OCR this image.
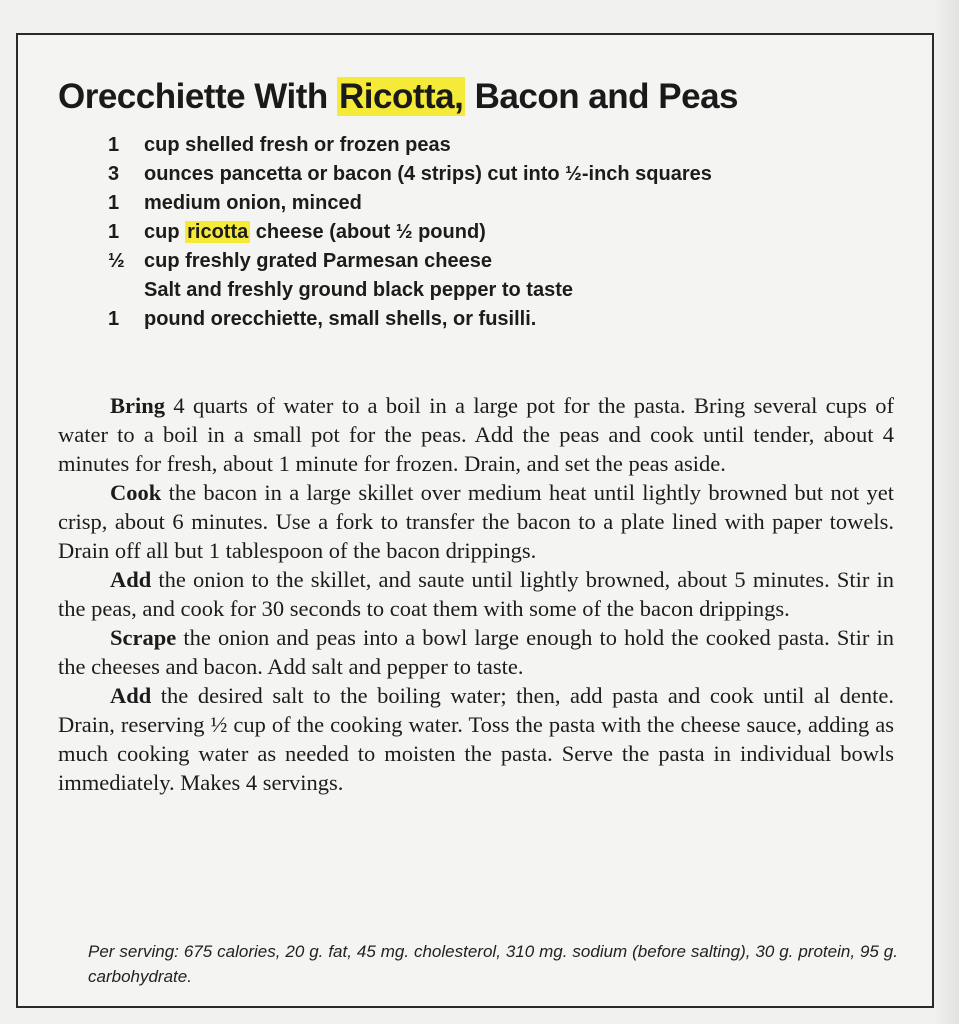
Orecchiette With Ricotta, Bacon and Peas
1	cup shelled fresh or frozen peas
3	ounces pancetta or bacon (4 strips) cut into ½-inch squares
1	medium onion, minced
1	cup ricotta cheese (about ½ pound)
½ cup freshly grated Parmesan cheese
Salt and freshly ground black pepper to taste
1	pound orecchiette, small shells, or fusilli.

Bring 4 quarts of water to a boil in a large pot for the pasta. Bring several cups of water to a boil in a small pot for the peas. Add the peas and cook until tender, about 4 minutes for fresh, about 1 minute for frozen. Drain, and set the peas aside.

Cook the bacon in a large skillet over medium heat until lightly browned but not yet crisp, about 6 minutes. Use a fork to transfer the bacon to a plate lined with paper towels. Drain off all but 1 tablespoon of the bacon drippings.

Add the onion to the skillet, and saute until lightly browned, about 5 minutes. Stir in the peas, and cook for 30 seconds to coat them with some of the bacon drippings.

Scrape the onion and peas into a bowl large enough to hold the cooked pasta. Stir in the cheeses and bacon. Add salt and pepper to taste.

Add the desired salt to the boiling water; then, add pasta and cook until al dente. Drain, reserving ½ cup of the cooking water. Toss the pasta with the cheese sauce, adding as much cooking water as needed to moisten the pasta. Serve the pasta in individual bowls immediately. Makes 4 servings.

Per serving: 675 calories, 20 g. fat, 45 mg. cholesterol, 310 mg. sodium (before salting), 30 g. protein, 95 g. carbohydrate.
